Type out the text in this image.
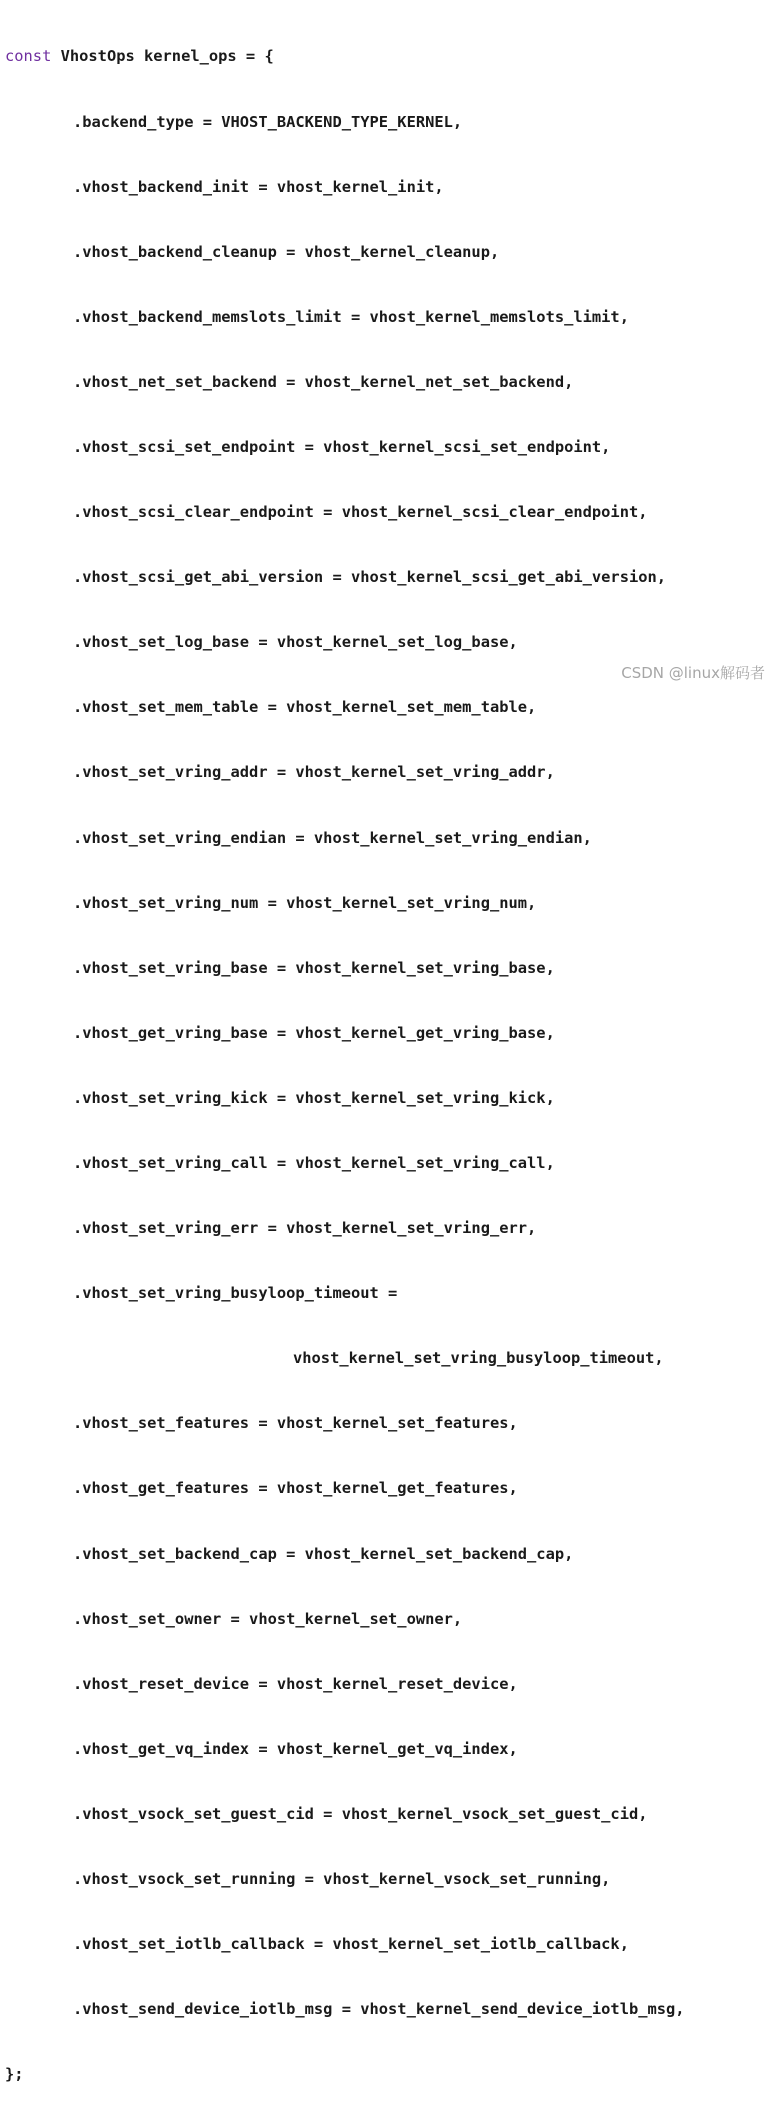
const VhostOps kernel_ops = {

.backend_type = VHOST_BACKEND_TYPE_KERNEL,

.vhost_backend_init = vhost_kernel_init,

.vhost_backend_cleanup = vhost_kernel_cleanup,

.vhost_backend_memslots_limit = vhost_kernel_memslots_limit,

.vhost_net_set_backend = vhost_kernel_net_set_backend,

.vhost_scsi_set_endpoint = vhost_kernel_scsi_set_endpoint,

.vhost_scsi_clear_endpoint = vhost_kernel_scsi_clear_endpoint,

.vhost_scsi_get_abi_version = vhost_kernel_scsi_get_abi_version,

.vhost_set_log_base = vhost_kernel_set_log_base,

.vhost_set_mem_table = vhost_kernel_set_mem_table,

.vhost_set_vring_addr = vhost_kernel_set_vring_addr,

.vhost_set_vring_endian = vhost_kernel_set_vring_endian,

.vhost_set_vring_num = vhost_kernel_set_vring_num,

.vhost_set_vring_base = vhost_kernel_set_vring_base,

.vhost_get_vring_base = vhost_kernel_get_vring_base,

.vhost_set_vring_kick = vhost_kernel_set_vring_kick,

.vhost_set_vring_call = vhost_kernel_set_vring_call,

.vhost_set_vring_err = vhost_kernel_set_vring_err,

.vhost_set_vring_busyloop_timeout =

vhost_kernel_set_vring_busyloop_timeout,

.vhost_set_features = vhost_kernel_set_features,

.vhost_get_features = vhost_kernel_get_features,

.vhost_set_backend_cap = vhost_kernel_set_backend_cap,

.vhost_set_owner = vhost_kernel_set_owner,

.vhost_reset_device = vhost_kernel_reset_device,

.vhost_get_vq_index = vhost_kernel_get_vq_index,

.vhost_vsock_set_guest_cid = vhost_kernel_vsock_set_guest_cid,

.vhost_vsock_set_running = vhost_kernel_vsock_set_running,

.vhost_set_iotlb_callback = vhost_kernel_set_iotlb_callback,

.vhost_send_device_iotlb_msg = vhost_kernel_send_device_iotlb_msg,

};

CSDN @linux解码者
